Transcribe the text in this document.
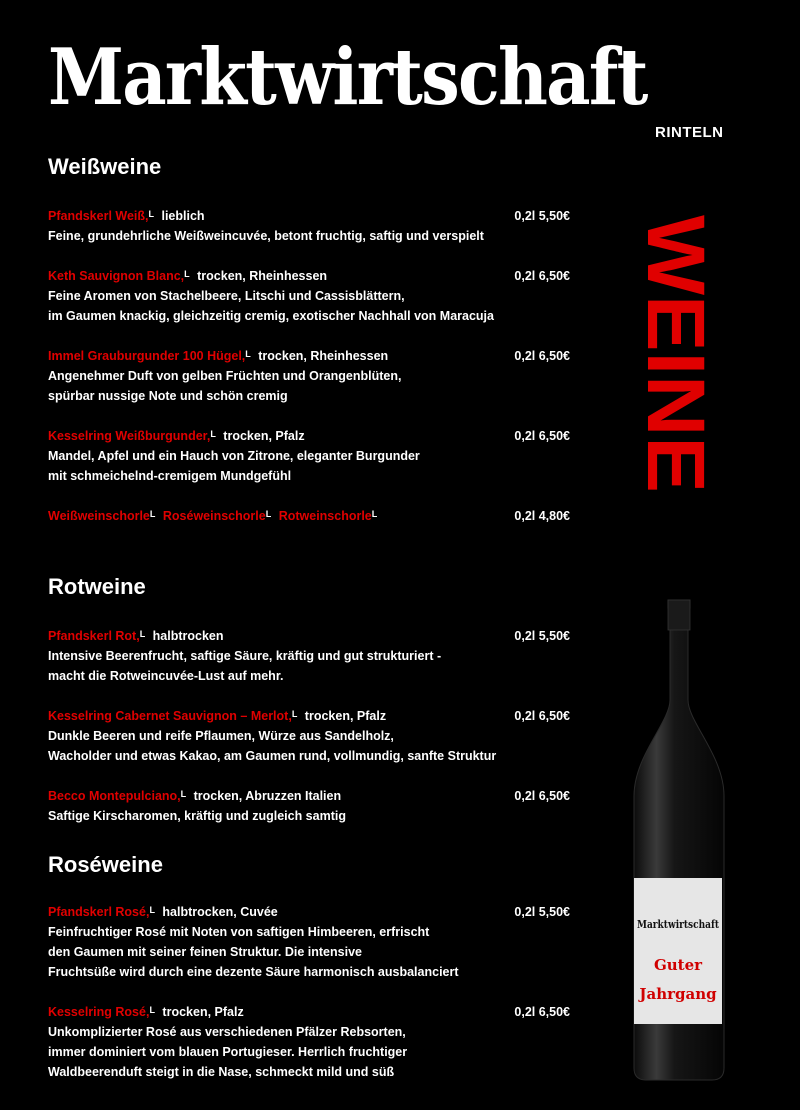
Marktwirtschaft
RINTELN
WEINE
Weißweine
Pfandskerl Weiß,$^L$ lieblich	0,2l 5,50€
Feine, grundehrliche Weißweincuvée, betont fruchtig, saftig und verspielt
Keth Sauvignon Blanc,$^L$ trocken, Rheinhessen	0,2l 6,50€
Feine Aromen von Stachelbeere, Litschi und Cassisblättern,
im Gaumen knackig, gleichzeitig cremig, exotischer Nachhall von Maracuja
Immel Grauburgunder 100 Hügel,$^L$ trocken, Rheinhessen	0,2l 6,50€
Angenehmer Duft von gelben Früchten und Orangenblüten,
spürbar nussige Note und schön cremig
Kesselring Weißburgunder,$^L$ trocken, Pfalz	0,2l 6,50€
Mandel, Apfel und ein Hauch von Zitrone, eleganter Burgunder
mit schmeichelnd-cremigem Mundgefühl
Weißweinschorle$^L$ Roséweinschorle$^L$ Rotweinschorle$^L$	0,2l 4,80€
Rotweine
Pfandskerl Rot,$^L$ halbtrocken	0,2l 5,50€
Intensive Beerenfrucht, saftige Säure, kräftig und gut strukturiert -
macht die Rotweincuvée-Lust auf mehr.
Kesselring Cabernet Sauvignon – Merlot,$^L$ trocken, Pfalz	0,2l 6,50€
Dunkle Beeren und reife Pflaumen, Würze aus Sandelholz,
Wacholder und etwas Kakao, am Gaumen rund, vollmundig, sanfte Struktur
Becco Montepulciano,$^L$ trocken, Abruzzen Italien	0,2l 6,50€
Saftige Kirscharomen, kräftig und zugleich samtig
Roséweine
Pfandskerl Rosé,$^L$ halbtrocken, Cuvée	0,2l 5,50€
Feinfruchtiger Rosé mit Noten von saftigen Himbeeren, erfrischt
den Gaumen mit seiner feinen Struktur. Die intensive
Fruchtsüße wird durch eine dezente Säure harmonisch ausbalanciert
Kesselring Rosé,$^L$ trocken, Pfalz	0,2l 6,50€
Unkomplizierter Rosé aus verschiedenen Pfälzer Rebsorten,
immer dominiert vom blauen Portugieser. Herrlich fruchtiger
Waldbeerenduft steigt in die Nase, schmeckt mild und süß
Marktwirtschaft
Guter
Jahrgang
